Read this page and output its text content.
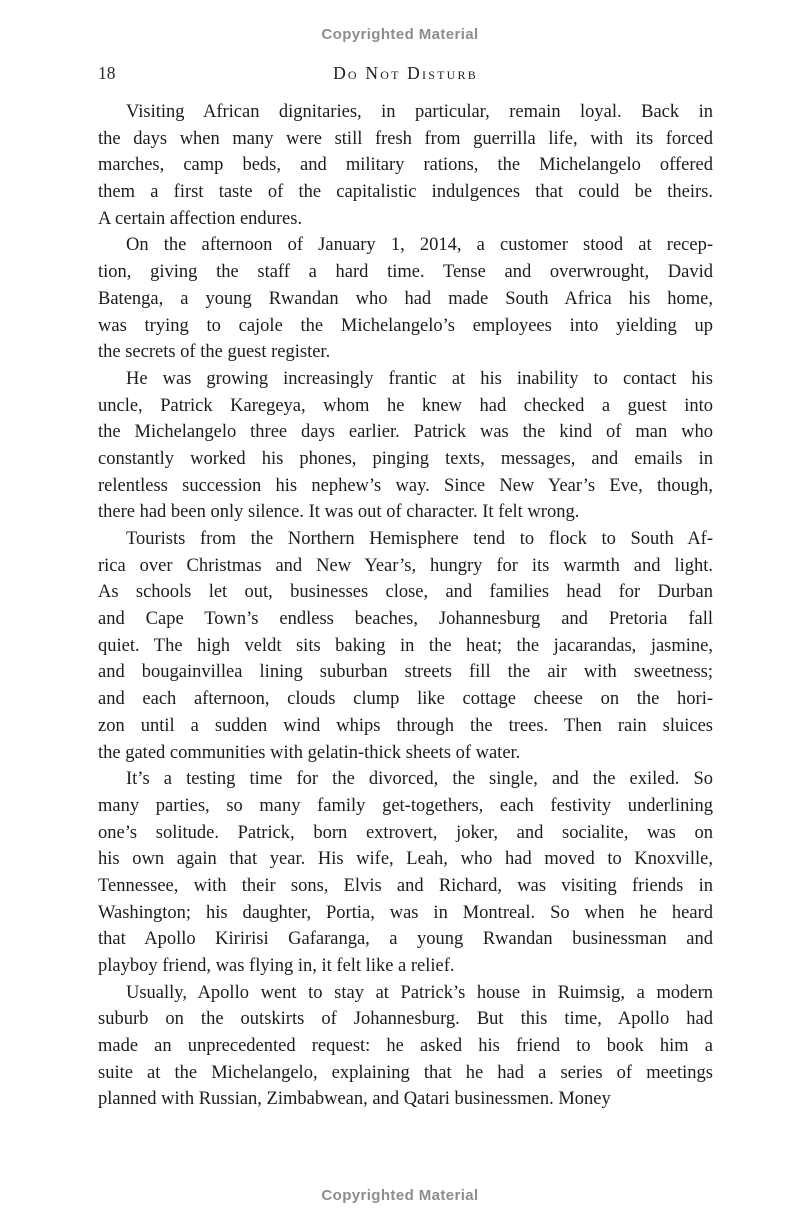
Copyrighted Material
18	Do Not Disturb
Visiting African dignitaries, in particular, remain loyal. Back in
the days when many were still fresh from guerrilla life, with its forced
marches, camp beds, and military rations, the Michelangelo offered
them a first taste of the capitalistic indulgences that could be theirs.
A certain affection endures.
On the afternoon of January 1, 2014, a customer stood at recep-
tion, giving the staff a hard time. Tense and overwrought, David
Batenga, a young Rwandan who had made South Africa his home,
was trying to cajole the Michelangelo’s employees into yielding up
the secrets of the guest register.
He was growing increasingly frantic at his inability to contact his
uncle, Patrick Karegeya, whom he knew had checked a guest into
the Michelangelo three days earlier. Patrick was the kind of man who
constantly worked his phones, pinging texts, messages, and emails in
relentless succession his nephew’s way. Since New Year’s Eve, though,
there had been only silence. It was out of character. It felt wrong.
Tourists from the Northern Hemisphere tend to flock to South Af-
rica over Christmas and New Year’s, hungry for its warmth and light.
As schools let out, businesses close, and families head for Durban
and Cape Town’s endless beaches, Johannesburg and Pretoria fall
quiet. The high veldt sits baking in the heat; the jacarandas, jasmine,
and bougainvillea lining suburban streets fill the air with sweetness;
and each afternoon, clouds clump like cottage cheese on the hori-
zon until a sudden wind whips through the trees. Then rain sluices
the gated communities with gelatin-thick sheets of water.
It’s a testing time for the divorced, the single, and the exiled. So
many parties, so many family get-togethers, each festivity underlining
one’s solitude. Patrick, born extrovert, joker, and socialite, was on
his own again that year. His wife, Leah, who had moved to Knoxville,
Tennessee, with their sons, Elvis and Richard, was visiting friends in
Washington; his daughter, Portia, was in Montreal. So when he heard
that Apollo Kiririsi Gafaranga, a young Rwandan businessman and
playboy friend, was flying in, it felt like a relief.
Usually, Apollo went to stay at Patrick’s house in Ruimsig, a modern
suburb on the outskirts of Johannesburg. But this time, Apollo had
made an unprecedented request: he asked his friend to book him a
suite at the Michelangelo, explaining that he had a series of meetings
planned with Russian, Zimbabwean, and Qatari businessmen. Money
Copyrighted Material
